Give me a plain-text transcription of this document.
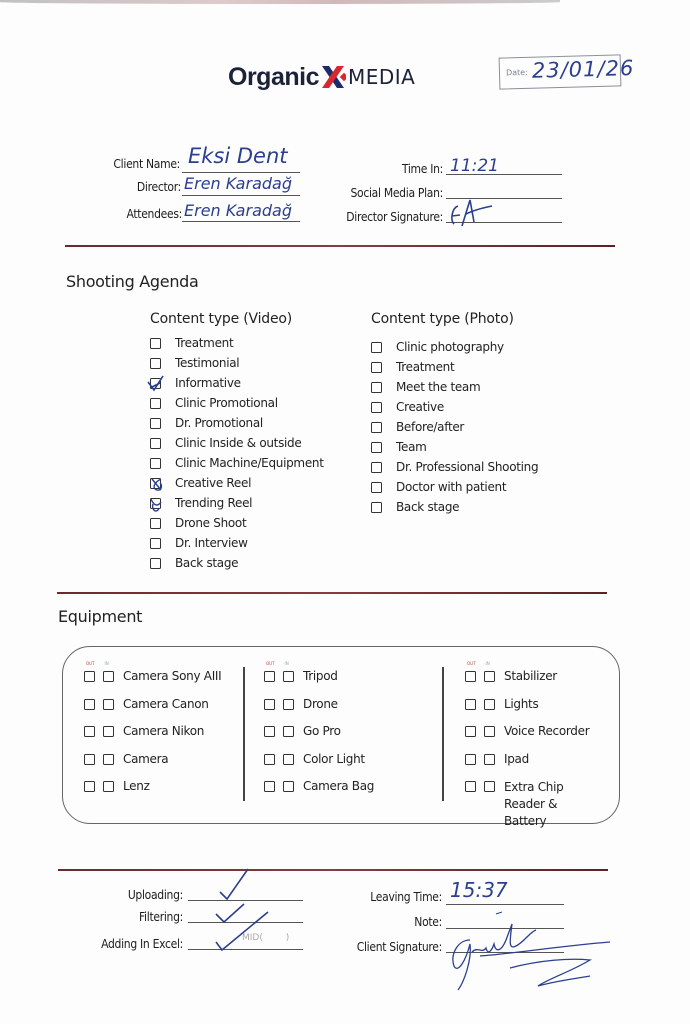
Organic MEDIA	Date: 23/01/26
Client Name: Eksi Dent
Director: Eren Karadağ
Attendees: Eren Karadağ
Time In: 11:21
Social Media Plan:
Director Signature:
Shooting Agenda
Content type (Video)
Treatment
Testimonial
Informative
Clinic Promotional
Dr. Promotional
Clinic Inside & outside
Clinic Machine/Equipment
Creative Reel
Trending Reel
Drone Shoot
Dr. Interview
Back stage
Content type (Photo)
Clinic photography
Treatment
Meet the team
Creative
Before/after
Team
Dr. Professional Shooting
Doctor with patient
Back stage
Equipment
OUT	IN
Camera Sony AIII
Camera Canon
Camera Nikon
Camera
Lenz
OUT	IN
Tripod
Drone
Go Pro
Color Light
Camera Bag
OUT	IN
Stabilizer
Lights
Voice Recorder
Ipad
Extra Chip Reader & Battery
Uploading:
Filtering:
Adding In Excel:	MID(        )
Leaving Time: 15:37
Note:
Client Signature:
